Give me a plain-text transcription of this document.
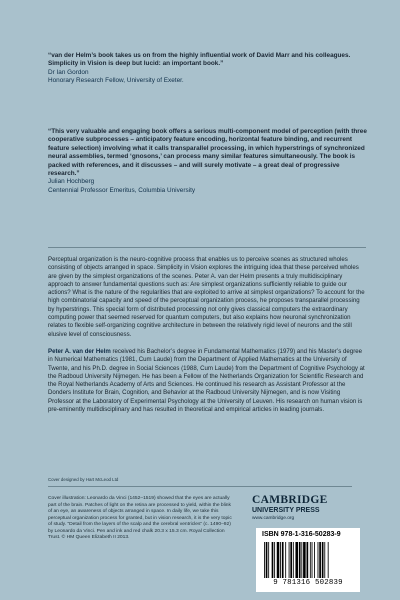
“van der Helm’s book takes us on from the highly influential work of David Marr and his colleagues. Simplicity in Vision is deep but lucid: an important book.”
Dr Ian Gordon
Honorary Research Fellow, University of Exeter.
“This very valuable and engaging book offers a serious multi-component model of perception (with three cooperative subprocesses – anticipatory feature encoding, horizontal feature binding, and recurrent feature selection) involving what it calls transparallel processing, in which hyperstrings of synchronized neural assemblies, termed ‘gnosons,’ can process many similar features simultaneously. The book is packed with references, and it discusses – and will surely motivate – a great deal of progressive research.”
Julian Hochberg
Centennial Professor Emeritus, Columbia University
Perceptual organization is the neuro-cognitive process that enables us to perceive scenes as structured wholes consisting of objects arranged in space. Simplicity in Vision explores the intriguing idea that these perceived wholes are given by the simplest organizations of the scenes. Peter A. van der Helm presents a truly multidisciplinary approach to answer fundamental questions such as: Are simplest organizations sufficiently reliable to guide our actions? What is the nature of the regularities that are exploited to arrive at simplest organizations? To account for the high combinatorial capacity and speed of the perceptual organization process, he proposes transparallel processing by hyperstrings. This special form of distributed processing not only gives classical computers the extraordinary computing power that seemed reserved for quantum computers, but also explains how neuronal synchronization relates to flexible self-organizing cognitive architecture in between the relatively rigid level of neurons and the still elusive level of consciousness.
Peter A. van der Helm received his Bachelor’s degree in Fundamental Mathematics (1979) and his Master’s degree in Numerical Mathematics (1981, Cum Laude) from the Department of Applied Mathematics at the University of Twente, and his Ph.D. degree in Social Sciences (1988, Cum Laude) from the Department of Cognitive Psychology at the Radboud University Nijmegen. He has been a Fellow of the Netherlands Organization for Scientific Research and the Royal Netherlands Academy of Arts and Sciences. He continued his research as Assistant Professor at the Donders Institute for Brain, Cognition, and Behavior at the Radboud University Nijmegen, and is now Visiting Professor at the Laboratory of Experimental Psychology at the University of Leuven. His research on human vision is pre-eminently multidisciplinary and has resulted in theoretical and empirical articles in leading journals.
Cover designed by Hart McLeod Ltd
Cover illustration: Leonardo da Vinci (1452–1519) showed that the eyes are actually part of the brain. Patches of light on the retina are processed to yield, within the blink of an eye, an awareness of objects arranged in space. In daily life, we take this perceptual organization process for granted, but in vision research, it is the very topic of study. “Detail from the layers of the scalp and the cerebral ventricles” (c. 1490–92) by Leonardo da Vinci. Pen and ink and red chalk 20.3 x 15.3 cm. Royal Collection Trust. © HM Queen Elizabeth II 2013.
CAMBRIDGE
UNIVERSITY PRESS
www.cambridge.org
ISBN 978-1-316-50283-9
9 781316 502839
